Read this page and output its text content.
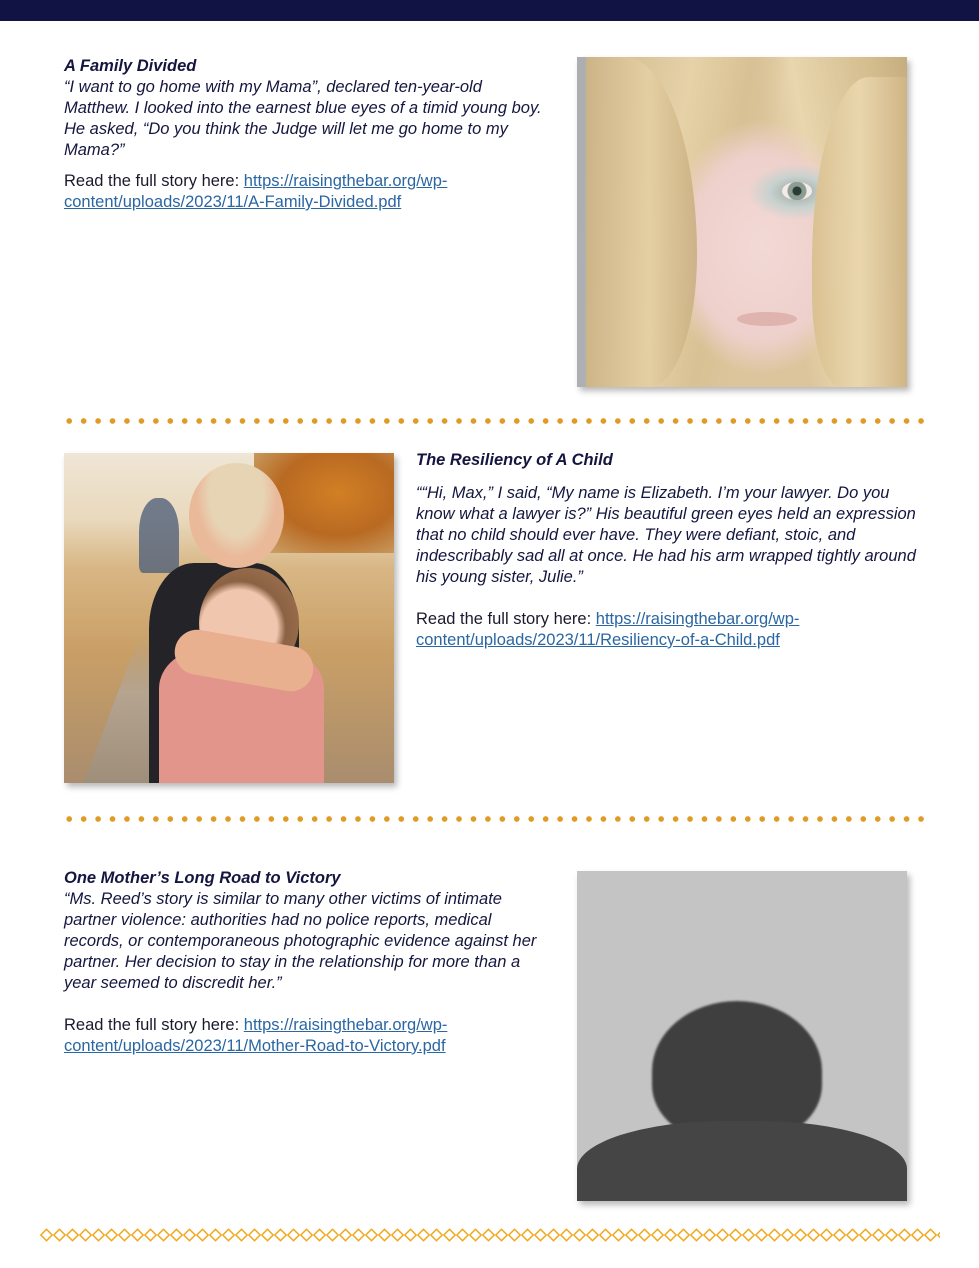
A Family Divided

“I want to go home with my Mama”, declared ten-year-old Matthew. I looked into the earnest blue eyes of a timid young boy. He asked, “Do you think the Judge will let me go home to my Mama?”

Read the full story here: https://raisingthebar.org/wp-content/uploads/2023/11/A-Family-Divided.pdf

The Resiliency of A Child

““Hi, Max,” I said, “My name is Elizabeth. I’m your lawyer. Do you know what a lawyer is?” His beautiful green eyes held an expression that no child should ever have. They were defiant, stoic, and indescribably sad all at once. He had his arm wrapped tightly around his young sister, Julie.”

Read the full story here: https://raisingthebar.org/wp-content/uploads/2023/11/Resiliency-of-a-Child.pdf

One Mother’s Long Road to Victory

“Ms. Reed’s story is similar to many other victims of intimate partner violence: authorities had no police reports, medical records, or contemporaneous photographic evidence against her partner. Her decision to stay in the relationship for more than a year seemed to discredit her.”

Read the full story here: https://raisingthebar.org/wp-content/uploads/2023/11/Mother-Road-to-Victory.pdf
